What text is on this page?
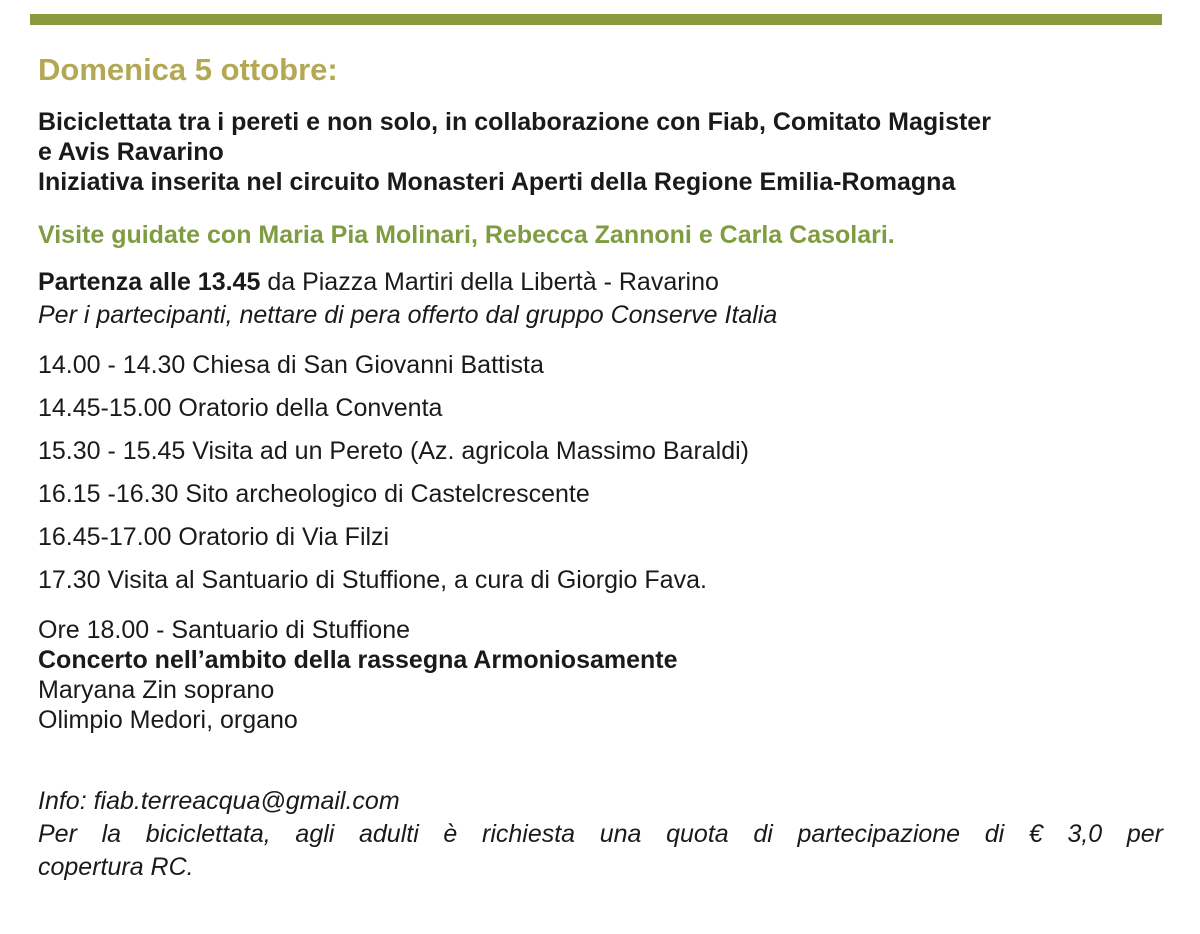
Domenica 5 ottobre:
Biciclettata tra i pereti e non solo, in collaborazione con Fiab, Comitato Magister
e Avis Ravarino
Iniziativa inserita nel circuito Monasteri Aperti della Regione Emilia-Romagna
Visite guidate con Maria Pia Molinari, Rebecca Zannoni e Carla Casolari.
Partenza alle 13.45 da Piazza Martiri della Libertà - Ravarino
Per i partecipanti, nettare di pera offerto dal gruppo Conserve Italia
14.00 - 14.30 Chiesa di San Giovanni Battista
14.45-15.00 Oratorio della Conventa
15.30 - 15.45 Visita ad un Pereto (Az. agricola Massimo Baraldi)
16.15 -16.30 Sito archeologico di Castelcrescente
16.45-17.00 Oratorio di Via Filzi
17.30 Visita al Santuario di Stuffione, a cura di Giorgio Fava.
Ore 18.00 - Santuario di Stuffione
Concerto nell’ambito della rassegna Armoniosamente
Maryana Zin soprano
Olimpio Medori, organo
Info: fiab.terreacqua@gmail.com
Per la biciclettata, agli adulti è richiesta una quota di partecipazione di € 3,0 per
copertura RC.
